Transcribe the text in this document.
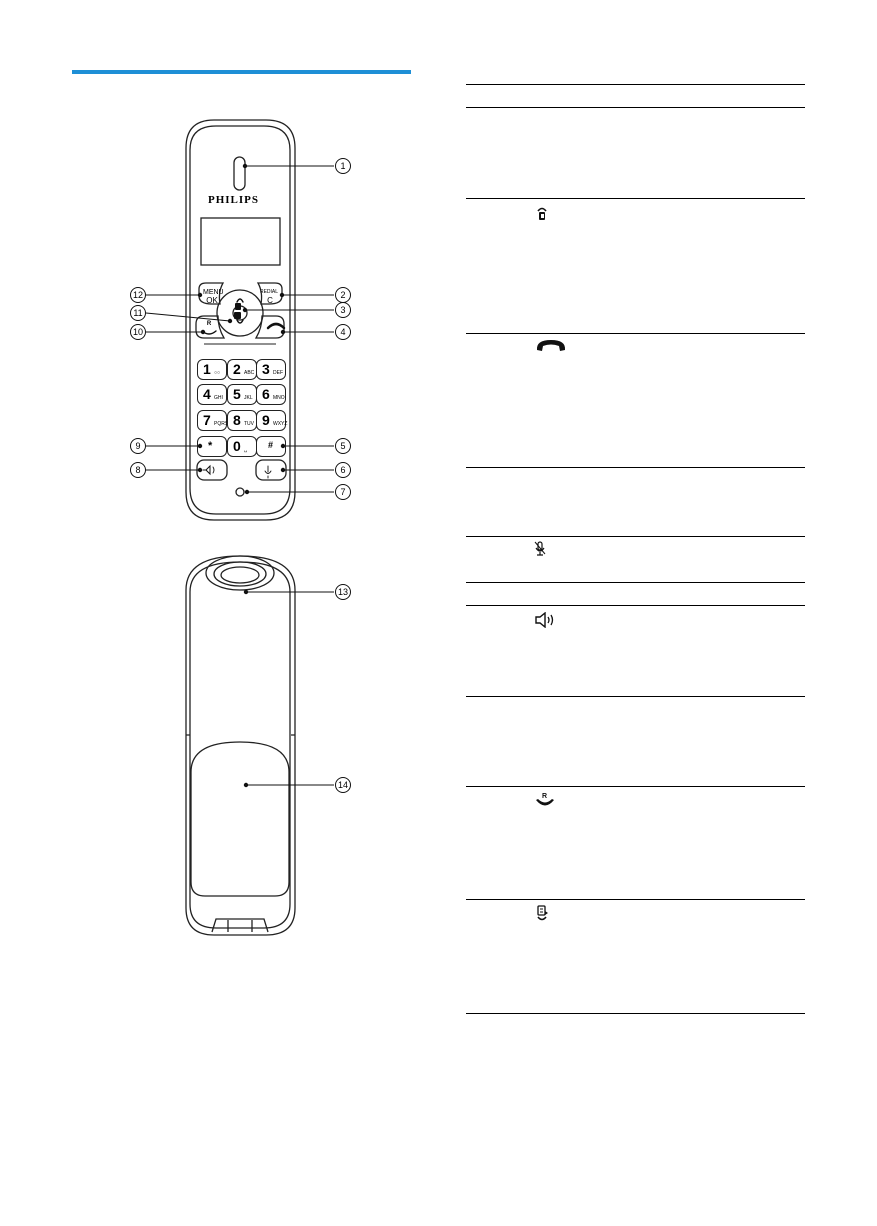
PHILIPS
MENU
OK
REDIAL
C
R
1 ○○ 2 ABC 3 DEF
4 GHI 5 JKL 6 MNO
7 PQRS 8 TUV 9 WXYZ
0 ␣
*	#
1
2
3
4
5
6
7
8
9
10
11
12
13
14
R
